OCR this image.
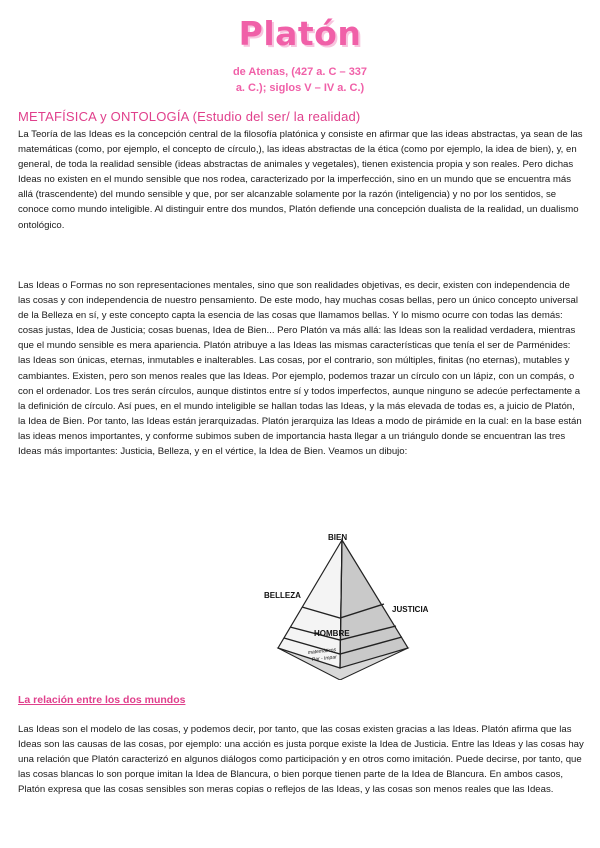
Platón
de Atenas, (427 a. C – 337
a. C.); siglos V – IV a. C.)
METAFÍSICA y ONTOLOGÍA (Estudio del ser/ la realidad)

La Teoría de las Ideas es la concepción central de la filosofía platónica y consiste en afirmar que las ideas abstractas, ya sean de las matemáticas (como, por ejemplo, el concepto de círculo,), las ideas abstractas de la ética (como por ejemplo, la idea de bien), y, en general, de toda la realidad sensible (ideas abstractas de animales y vegetales), tienen existencia propia y son reales. Pero dichas Ideas no existen en el mundo sensible que nos rodea, caracterizado por la imperfección, sino en un mundo que se encuentra más allá (trascendente) del mundo sensible y que, por ser alcanzable solamente por la razón (inteligencia) y no por los sentidos, se conoce como mundo inteligible. Al distinguir entre dos mundos, Platón defiende una concepción dualista de la realidad, un dualismo ontológico.

Las Ideas o Formas no son representaciones mentales, sino que son realidades objetivas, es decir, existen con independencia de las cosas y con independencia de nuestro pensamiento. De este modo, hay muchas cosas bellas, pero un único concepto universal de la Belleza en sí, y este concepto capta la esencia de las cosas que llamamos bellas. Y lo mismo ocurre con todas las demás: cosas justas, Idea de Justicia; cosas buenas, Idea de Bien... Pero Platón va más allá: las Ideas son la realidad verdadera, mientras que el mundo sensible es mera apariencia. Platón atribuye a las Ideas las mismas características que tenía el ser de Parménides: las Ideas son únicas, eternas, inmutables e inalterables. Las cosas, por el contrario, son múltiples, finitas (no eternas), mutables y cambiantes. Existen, pero son menos reales que las Ideas. Por ejemplo, podemos trazar un círculo con un lápiz, con un compás, o con el ordenador. Los tres serán círculos, aunque distintos entre sí y todos imperfectos, aunque ninguno se adecúe perfectamente a la definición de círculo. Así pues, en el mundo inteligible se hallan todas las Ideas, y la más elevada de todas es, a juicio de Platón, la Idea de Bien. Por tanto, las Ideas están jerarquizadas. Platón jerarquiza las Ideas a modo de pirámide en la cual: en la base están las ideas menos importantes, y conforme subimos suben de importancia hasta llegar a un triángulo donde se encuentran las tres Ideas más importantes: Justicia, Belleza, y en el vértice, la Idea de Bien. Veamos un dibujo:

BIEN
BELLEZA
JUSTICIA
HOMBRE
matemáticos
Par - Impar
La relación entre los dos mundos

Las Ideas son el modelo de las cosas, y podemos decir, por tanto, que las cosas existen gracias a las Ideas. Platón afirma que las Ideas son las causas de las cosas, por ejemplo: una acción es justa porque existe la Idea de Justicia. Entre las Ideas y las cosas hay una relación que Platón caracterizó en algunos diálogos como participación y en otros como imitación. Puede decirse, por tanto, que las cosas blancas lo son porque imitan la Idea de Blancura, o bien porque tienen parte de la Idea de Blancura. En ambos casos, Platón expresa que las cosas sensibles son meras copias o reflejos de las Ideas, y las cosas son menos reales que las Ideas.
